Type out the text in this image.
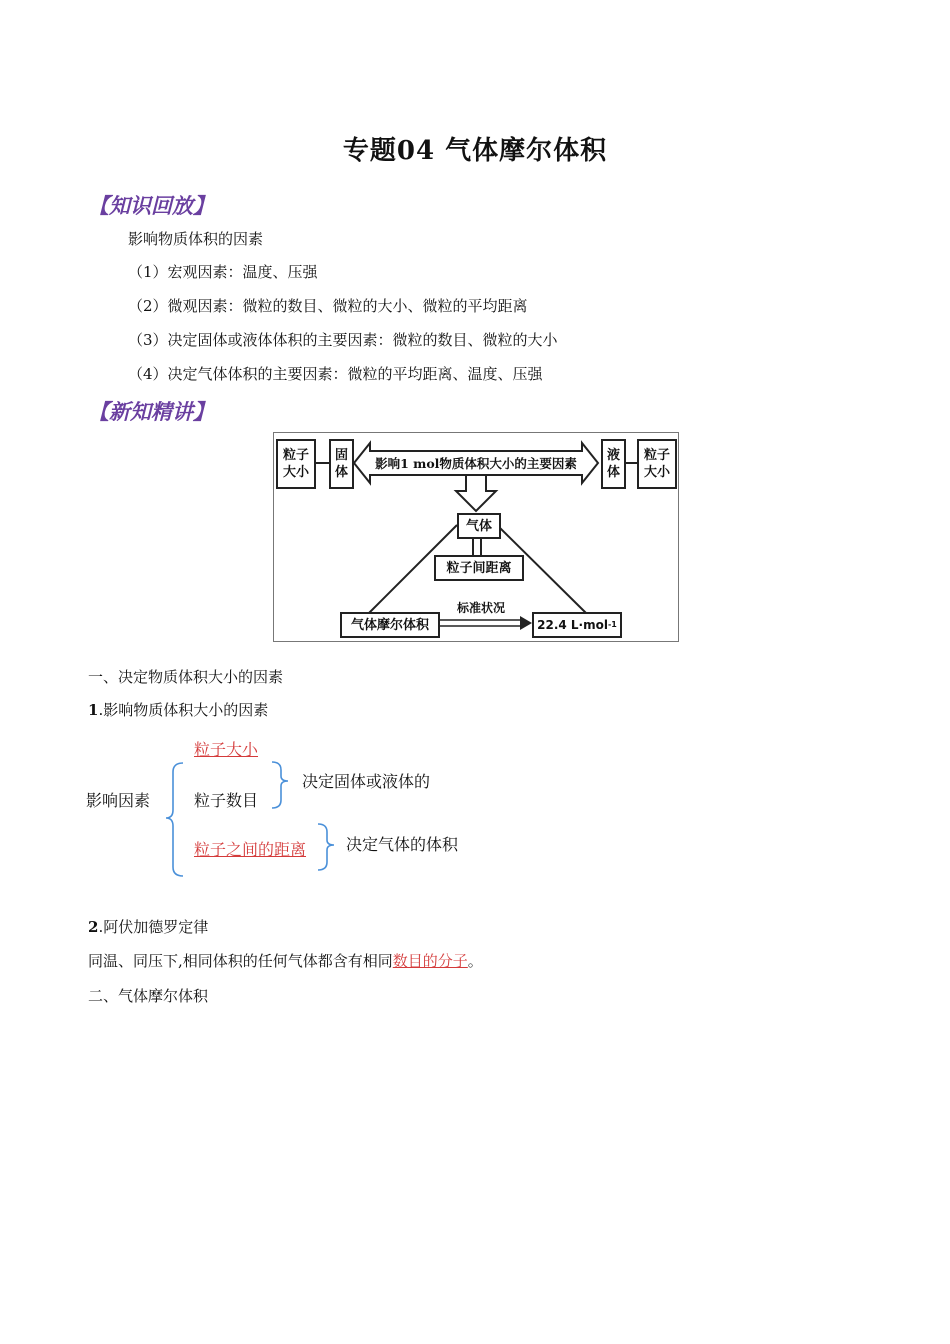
专题04 气体摩尔体积
【知识回放】
影响物质体积的因素
（1）宏观因素：温度、压强
（2）微观因素：微粒的数目、微粒的大小、微粒的平均距离
（3）决定固体或液体体积的主要因素：微粒的数目、微粒的大小
（4）决定气体体积的主要因素：微粒的平均距离、温度、压强
【新知精讲】
粒子
大小
固
体
影响1 mol物质体积大小的主要因素	液
体
粒子
大小
气体
粒子间距离
气体摩尔体积
标准状况
22.4 L·mol -1
一、决定物质体积大小的因素
1.影响物质体积大小的因素
影响因素
粒子大小
粒子数目
粒子之间的距离
决定固体或液体的
决定气体的体积
2.阿伏加德罗定律
同温、同压下,相同体积的任何气体都含有相同数目的分子。
二、气体摩尔体积
